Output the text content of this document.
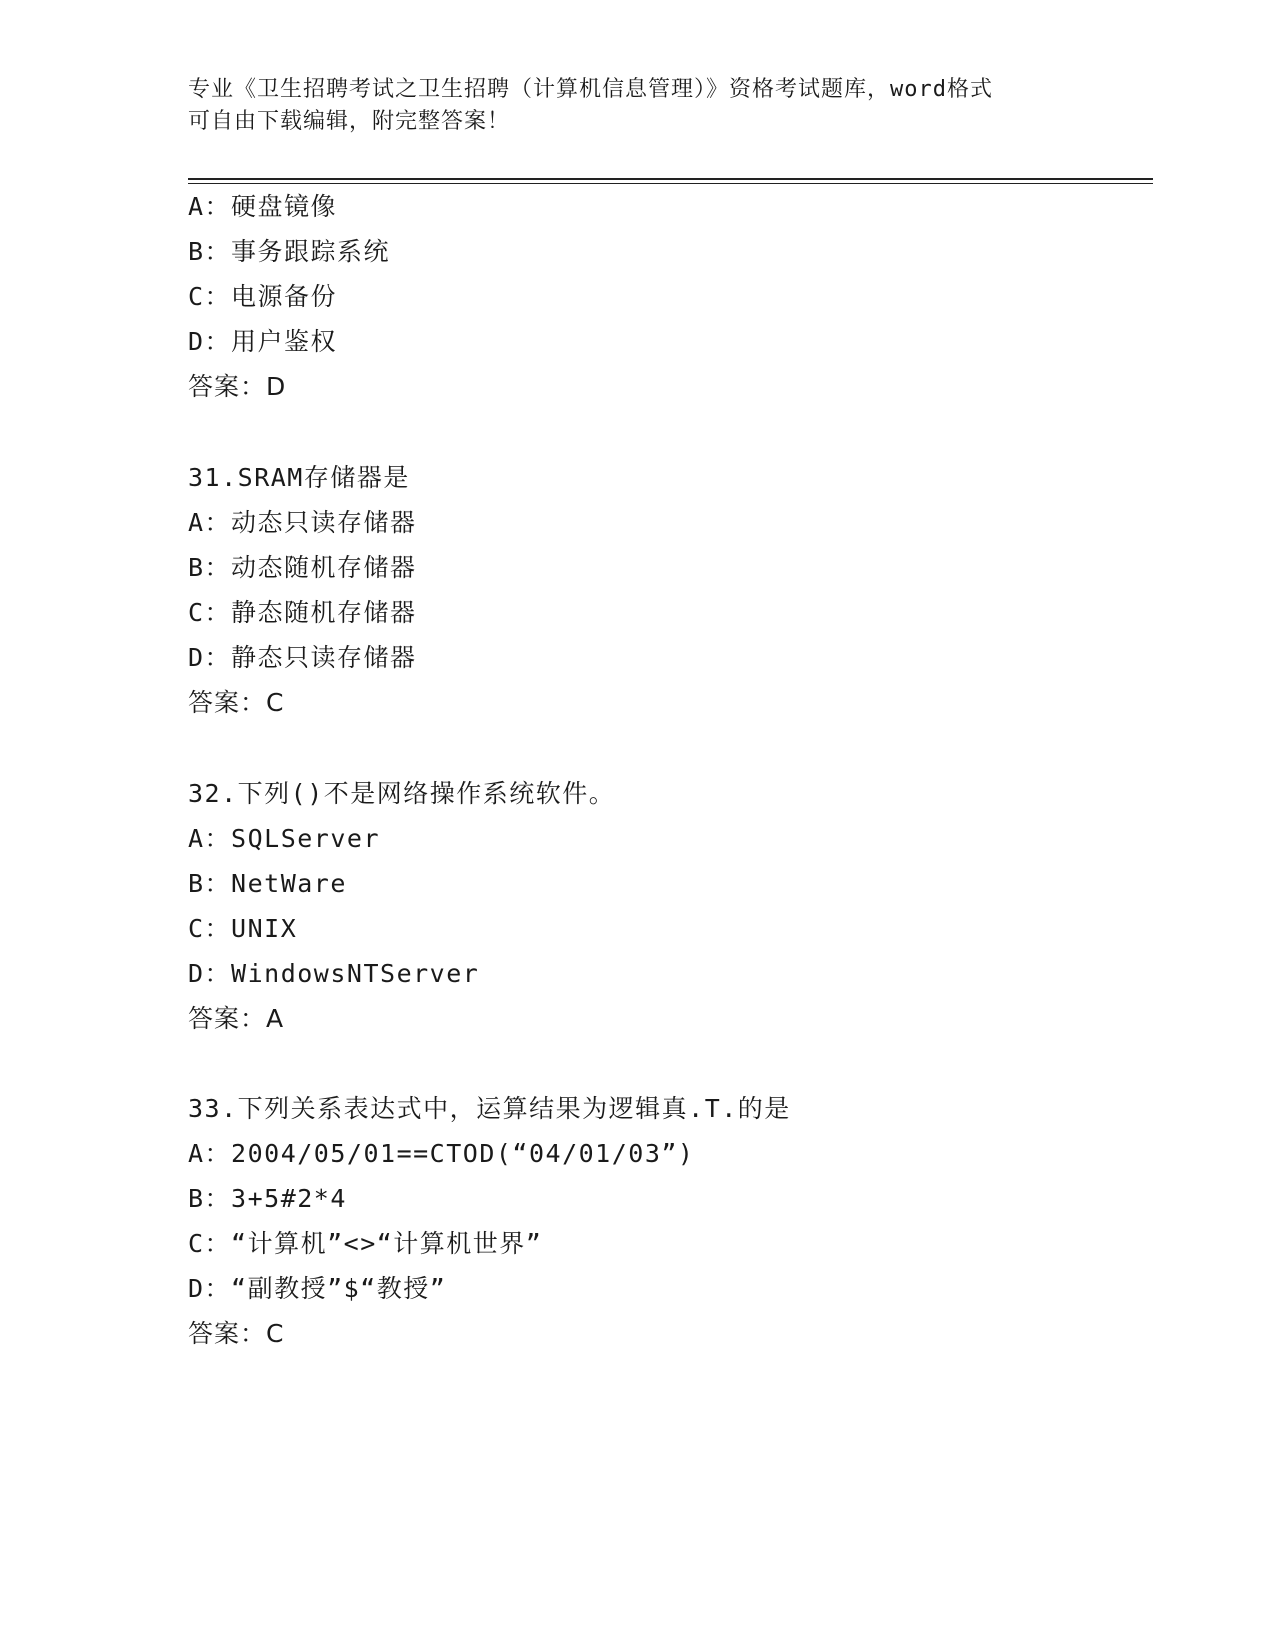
专业《卫生招聘考试之卫生招聘（计算机信息管理）》资格考试题库，word格式
可自由下载编辑，附完整答案！
A：硬盘镜像
B：事务跟踪系统
C：电源备份
D：用户鉴权
答案：D
31.SRAM存储器是
A：动态只读存储器
B：动态随机存储器
C：静态随机存储器
D：静态只读存储器
答案：C
32.下列()不是网络操作系统软件。
A：SQLServer
B：NetWare
C：UNIX
D：WindowsNTServer
答案：A
33.下列关系表达式中，运算结果为逻辑真.T.的是
A：2004/05/01==CTOD(“04/01/03”)
B：3+5#2*4
C：“计算机”<>“计算机世界”
D：“副教授”$“教授”
答案：C
